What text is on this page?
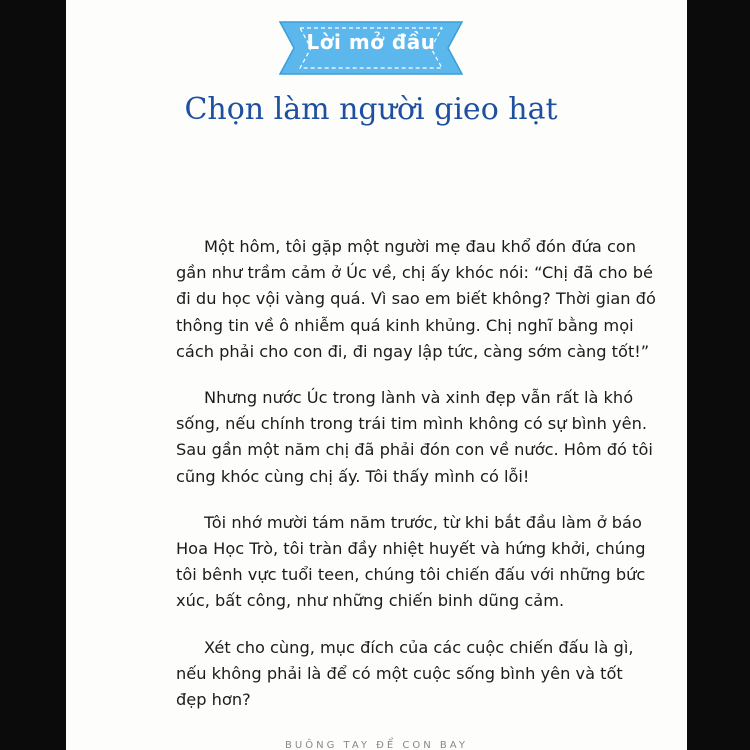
Lời mở đầu
Chọn làm người gieo hạt

Một hôm, tôi gặp một người mẹ đau khổ đón đứa con
gần như trầm cảm ở Úc về, chị ấy khóc nói: “Chị đã cho bé
đi du học vội vàng quá. Vì sao em biết không? Thời gian đó
thông tin về ô nhiễm quá kinh khủng. Chị nghĩ bằng mọi
cách phải cho con đi, đi ngay lập tức, càng sớm càng tốt!”

Nhưng nước Úc trong lành và xinh đẹp vẫn rất là khó
sống, nếu chính trong trái tim mình không có sự bình yên.
Sau gần một năm chị đã phải đón con về nước. Hôm đó tôi
cũng khóc cùng chị ấy. Tôi thấy mình có lỗi!

Tôi nhớ mười tám năm trước, từ khi bắt đầu làm ở báo
Hoa Học Trò, tôi tràn đầy nhiệt huyết và hứng khởi, chúng
tôi bênh vực tuổi teen, chúng tôi chiến đấu với những bức
xúc, bất công, như những chiến binh dũng cảm.

Xét cho cùng, mục đích của các cuộc chiến đấu là gì,
nếu không phải là để có một cuộc sống bình yên và tốt
đẹp hơn?

BUÔNG TAY ĐỂ CON BAY
